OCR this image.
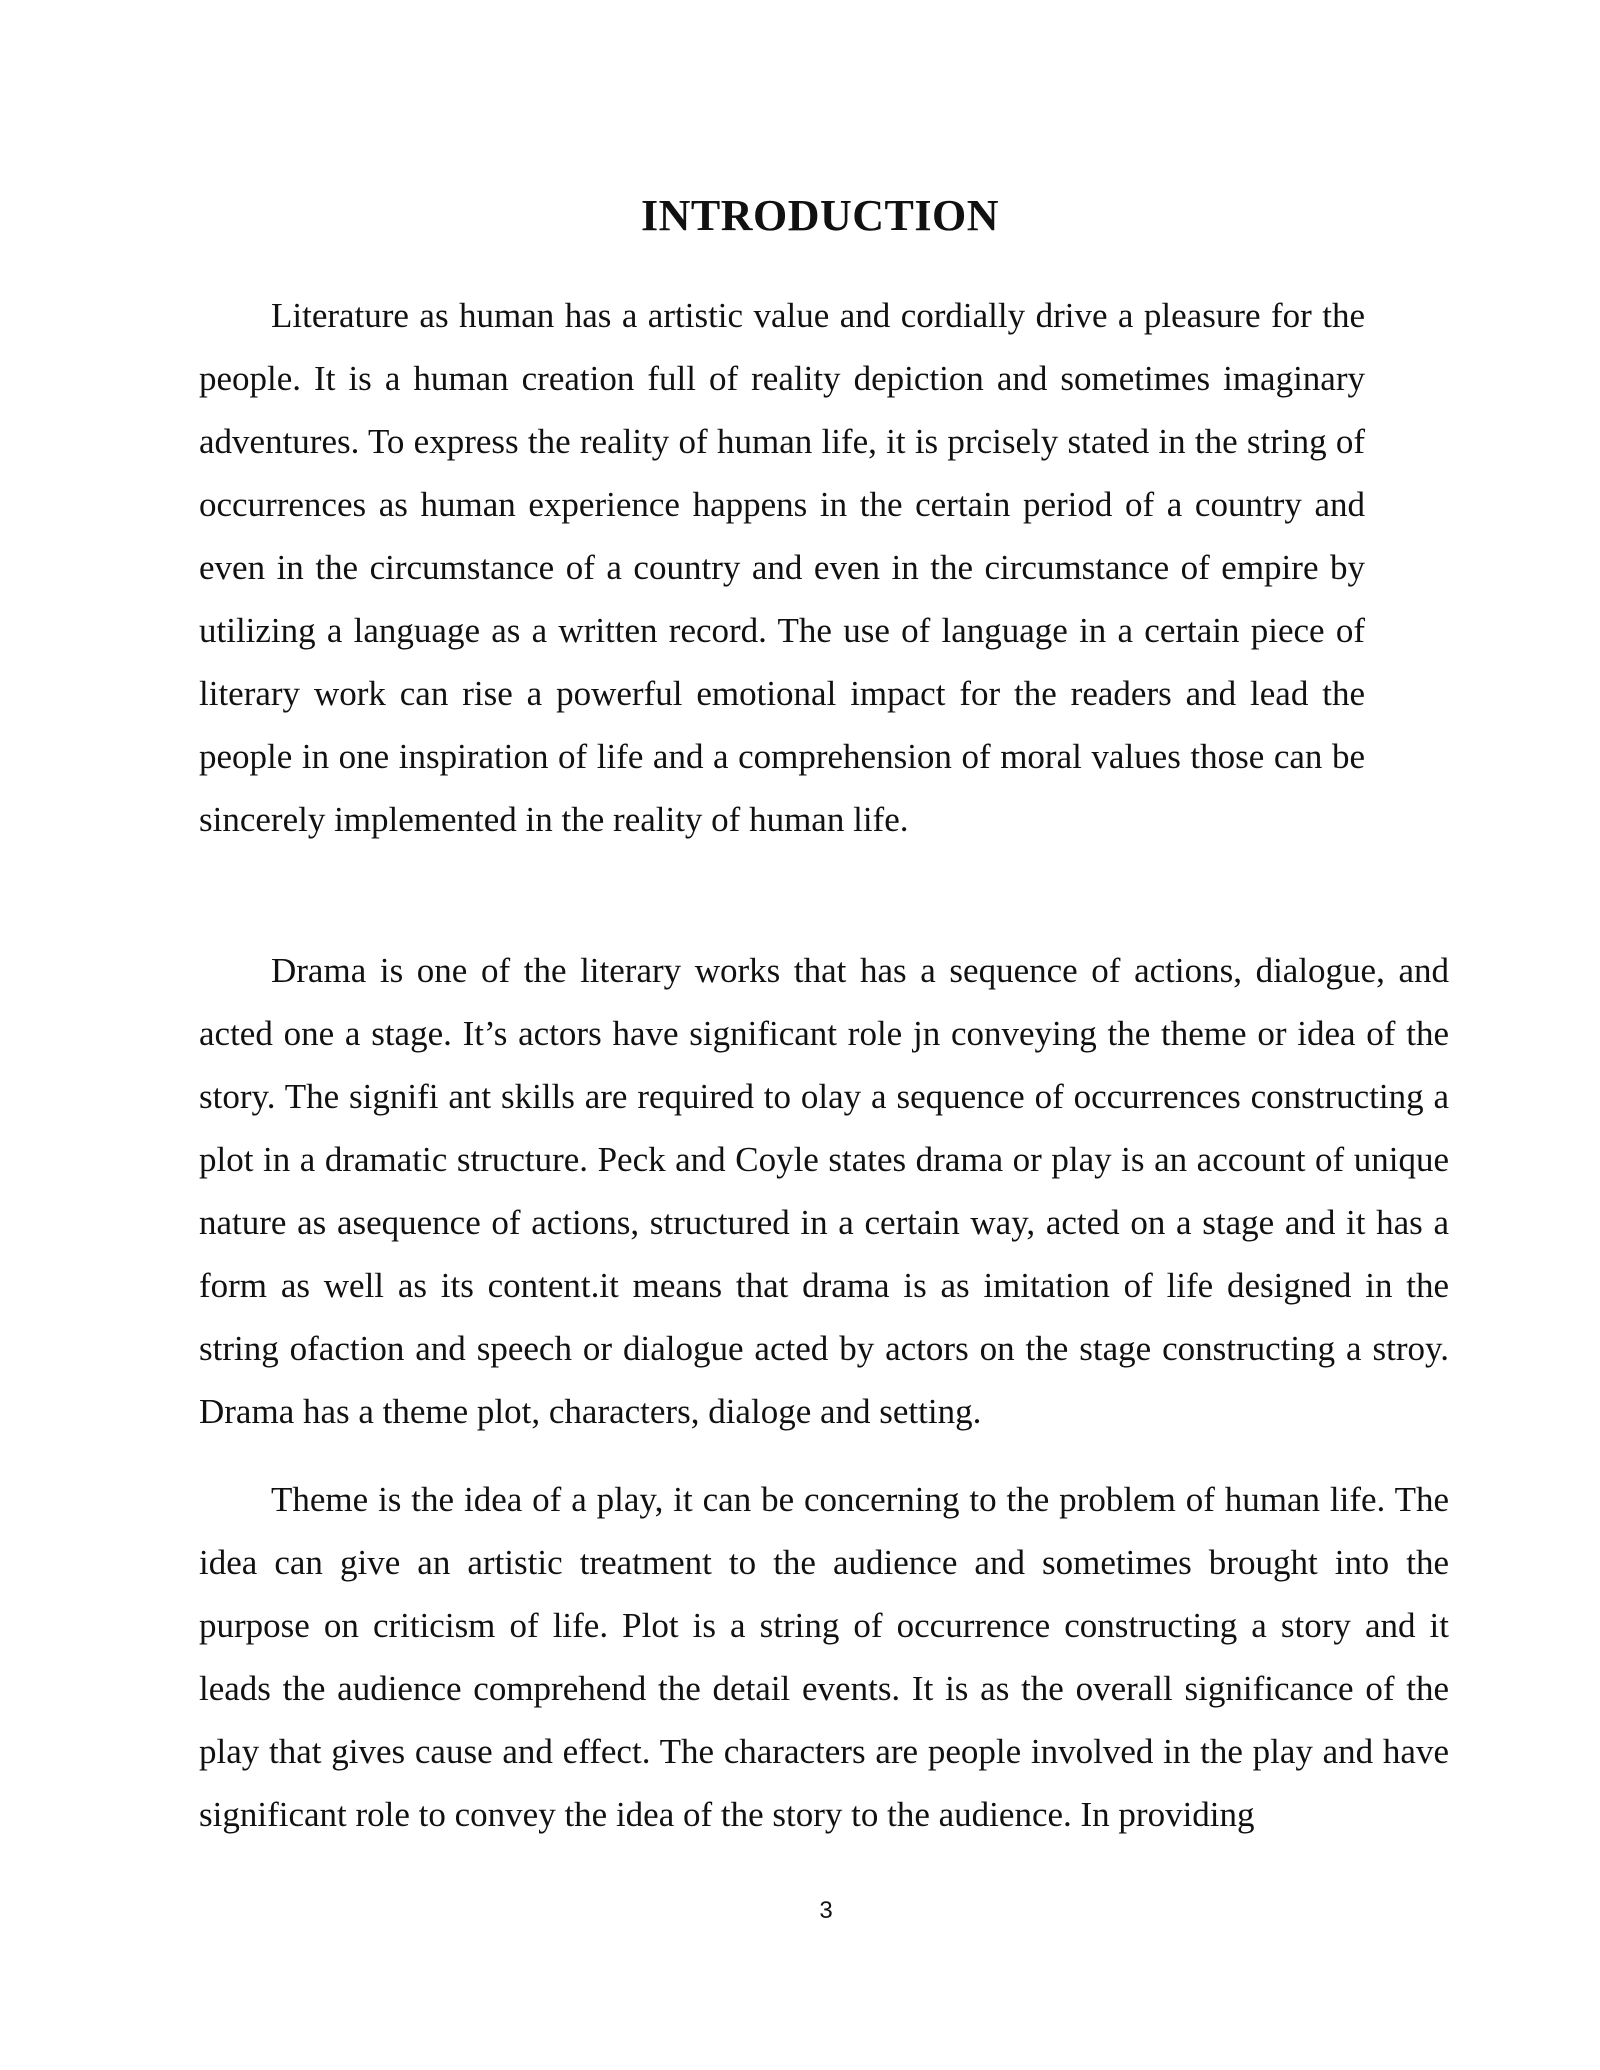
INTRODUCTION

Literature as human has a artistic value and cordially drive a pleasure for the people. It is a human creation full of reality depiction and sometimes imaginary adventures. To express the reality of human life, it is prcisely stated in the string of occurrences as human experience happens in the certain period of a country and even in the circumstance of a country and even in the circumstance of empire by utilizing a language as a written record. The use of language in a certain piece of literary work can rise a powerful emotional impact for the readers and lead the people in one inspiration of life and a comprehension of moral values those can be sincerely implemented in the reality of human life.

Drama is one of the literary works that has a sequence of actions, dialogue, and acted one a stage. It’s actors have significant role jn conveying the theme or idea of the story. The signifi ant skills are required to olay a sequence of occurrences constructing a plot in a dramatic structure. Peck and Coyle states drama or play is an account of unique nature as asequence of actions, structured in a certain way, acted on a stage and it has a form as well as its content.it means that drama is as imitation of life designed in the string ofaction and speech or dialogue acted by actors on the stage constructing a stroy. Drama has a theme plot, characters, dialoge and setting.

Theme is the idea of a play, it can be concerning to the problem of human life. The idea can give an artistic treatment to the audience and sometimes brought into the purpose on criticism of life. Plot is a string of occurrence constructing a story and it leads the audience comprehend the detail events. It is as the overall significance of the play that gives cause and effect. The characters are people involved in the play and have significant role to convey the idea of the story to the audience. In providing

3
